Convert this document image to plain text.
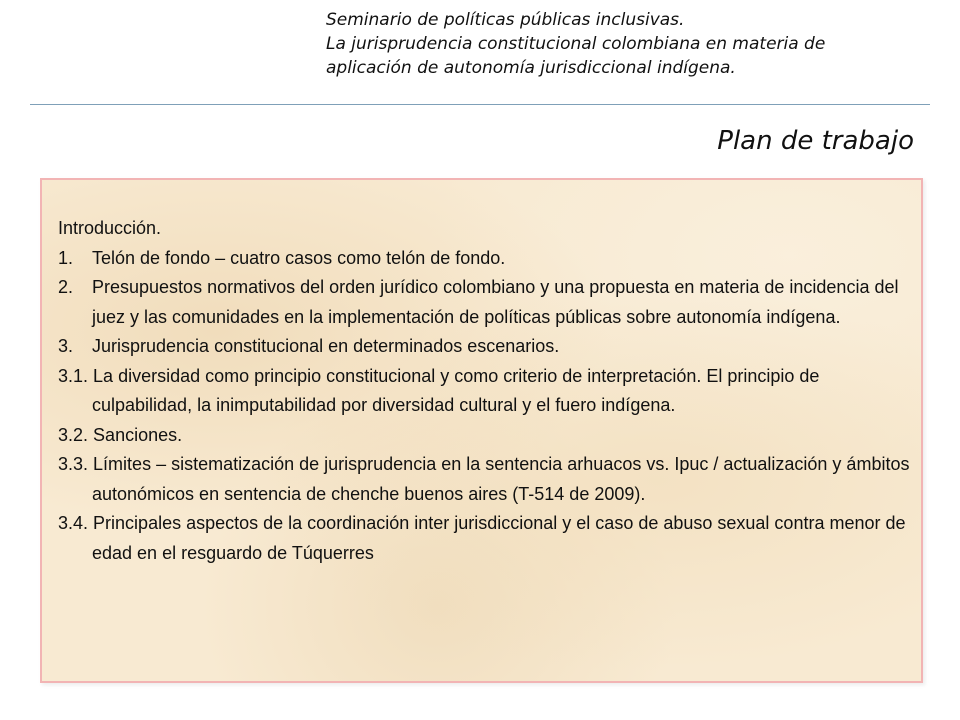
Seminario de políticas públicas inclusivas.
La jurisprudencia constitucional colombiana en materia de
aplicación de autonomía jurisdiccional indígena.
Plan de trabajo
Introducción.
1.	Telón de fondo – cuatro casos como telón de fondo.
2.	Presupuestos normativos del orden jurídico colombiano y una propuesta en materia de incidencia del juez y las comunidades en la implementación de políticas públicas sobre autonomía indígena.
3.	Jurisprudencia constitucional en determinados escenarios.
3.1. La diversidad como principio constitucional y como criterio de interpretación. El principio de culpabilidad, la inimputabilidad por diversidad cultural y el fuero indígena.
3.2. Sanciones.
3.3. Límites – sistematización de jurisprudencia en la sentencia arhuacos vs. Ipuc / actualización y ámbitos autonómicos en sentencia de chenche buenos aires (T-514 de 2009).
3.4. Principales aspectos de la coordinación inter jurisdiccional y el caso de abuso sexual contra menor de edad en el resguardo de Túquerres
